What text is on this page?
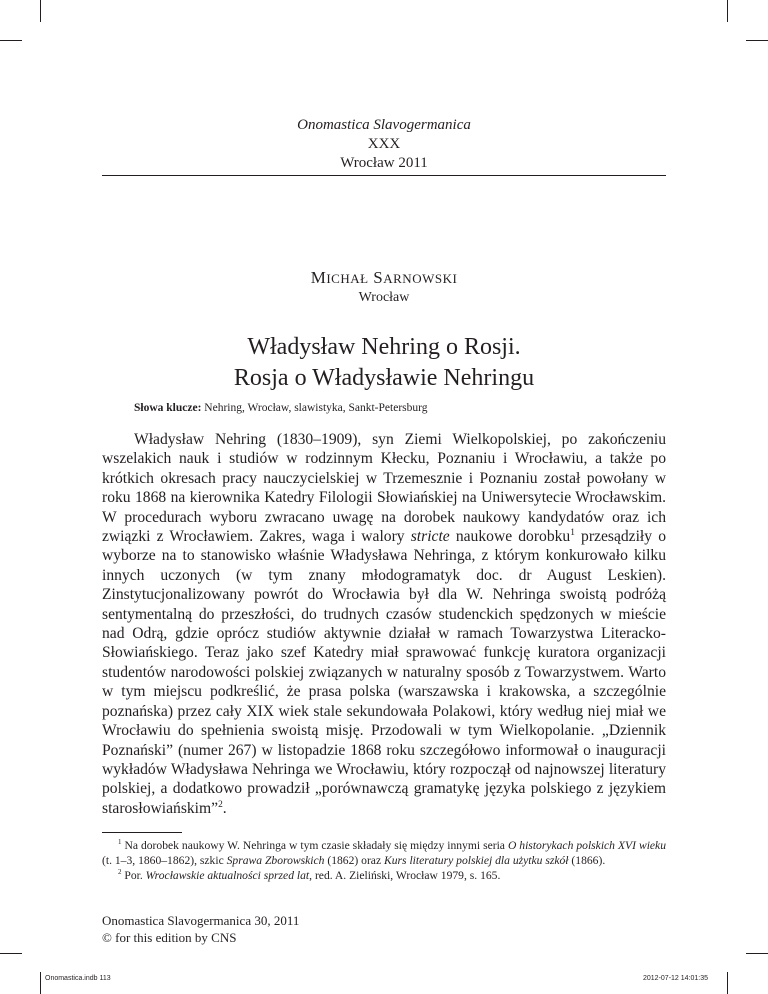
Onomastica Slavogermanica
XXX
Wrocław 2011
MICHAŁ SARNOWSKI
Wrocław
Władysław Nehring o Rosji.
Rosja o Władysławie Nehringu
Słowa klucze: Nehring, Wrocław, slawistyka, Sankt-Petersburg

Władysław Nehring (1830–1909), syn Ziemi Wielkopolskiej, po zakończeniu wszelakich nauk i studiów w rodzinnym Kłecku, Poznaniu i Wrocławiu, a także po krótkich okresach pracy nauczycielskiej w Trzemesznie i Poznaniu został powołany w roku 1868 na kierownika Katedry Filologii Słowiańskiej na Uniwersytecie Wrocławskim. W procedurach wyboru zwracano uwagę na dorobek naukowy kandydatów oraz ich związki z Wrocławiem. Zakres, waga i walory stricte naukowe dorobku$^1$ przesądziły o wyborze na to stanowisko właśnie Władysława Nehringa, z którym konkurowało kilku innych uczonych (w tym znany młodogramatyk doc. dr August Leskien). Zinstytucjonalizowany powrót do Wrocławia był dla W. Nehringa swoistą podróżą sentymentalną do przeszłości, do trudnych czasów studenckich spędzonych w mieście nad Odrą, gdzie oprócz studiów aktywnie działał w ramach Towarzystwa Literacko-Słowiańskiego. Teraz jako szef Katedry miał sprawować funkcję kuratora organizacji studentów narodowości polskiej związanych w naturalny sposób z Towarzystwem. Warto w tym miejscu podkreślić, że prasa polska (warszawska i krakowska, a szczególnie poznańska) przez cały XIX wiek stale sekundowała Polakowi, który według niej miał we Wrocławiu do spełnienia swoistą misję. Przodowali w tym Wielkopolanie. „Dziennik Poznański” (numer 267) w listopadzie 1868 roku szczegółowo informował o inauguracji wykładów Władysława Nehringa we Wrocławiu, który rozpoczął od najnowszej literatury polskiej, a dodatkowo prowadził „porównawczą gramatykę języka polskiego z językiem starosłowiańskim”$^2$.

$^1$ Na dorobek naukowy W. Nehringa w tym czasie składały się między innymi seria O historykach polskich XVI wieku (t. 1–3, 1860–1862), szkic Sprawa Zborowskich (1862) oraz Kurs literatury polskiej dla użytku szkół (1866).

$^2$ Por. Wrocławskie aktualności sprzed lat, red. A. Zieliński, Wrocław 1979, s. 165.

Onomastica Slavogermanica 30, 2011
© for this edition by CNS
Onomastica.indb 113	2012-07-12 14:01:35
